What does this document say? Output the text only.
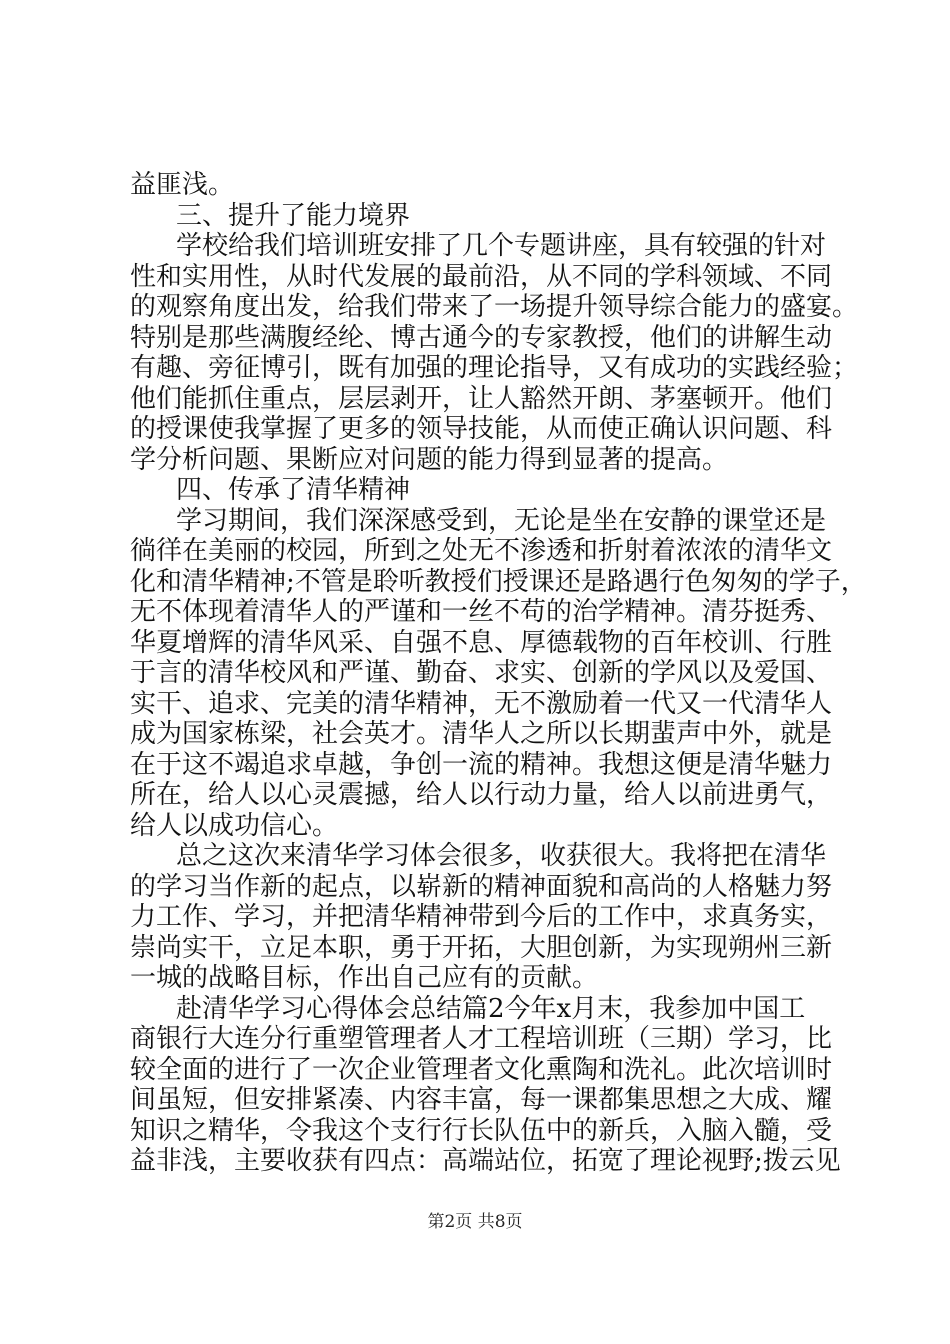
益匪浅。
三、提升了能力境界
学校给我们培训班安排了几个专题讲座，具有较强的针对
性和实用性，从时代发展的最前沿，从不同的学科领域、不同
的观察角度出发，给我们带来了一场提升领导综合能力的盛宴。
特别是那些满腹经纶、博古通今的专家教授，他们的讲解生动
有趣、旁征博引，既有加强的理论指导，又有成功的实践经验；
他们能抓住重点，层层剥开，让人豁然开朗、茅塞顿开。他们
的授课使我掌握了更多的领导技能，从而使正确认识问题、科
学分析问题、果断应对问题的能力得到显著的提高。
四、传承了清华精神
学习期间，我们深深感受到，无论是坐在安静的课堂还是
徜徉在美丽的校园，所到之处无不渗透和折射着浓浓的清华文
化和清华精神;不管是聆听教授们授课还是路遇行色匆匆的学子，
无不体现着清华人的严谨和一丝不苟的治学精神。清芬挺秀、
华夏增辉的清华风采、自强不息、厚德载物的百年校训、行胜
于言的清华校风和严谨、勤奋、求实、创新的学风以及爱国、
实干、追求、完美的清华精神，无不激励着一代又一代清华人
成为国家栋梁，社会英才。清华人之所以长期蜚声中外，就是
在于这不竭追求卓越，争创一流的精神。我想这便是清华魅力
所在，给人以心灵震撼，给人以行动力量，给人以前进勇气，
给人以成功信心。
总之这次来清华学习体会很多，收获很大。我将把在清华
的学习当作新的起点，以崭新的精神面貌和高尚的人格魅力努
力工作、学习，并把清华精神带到今后的工作中，求真务实，
崇尚实干，立足本职，勇于开拓，大胆创新，为实现朔州三新
一城的战略目标，作出自己应有的贡献。
赴清华学习心得体会总结篇2今年x月末，我参加中国工
商银行大连分行重塑管理者人才工程培训班（三期）学习，比
较全面的进行了一次企业管理者文化熏陶和洗礼。此次培训时
间虽短，但安排紧凑、内容丰富，每一课都集思想之大成、耀
知识之精华，令我这个支行行长队伍中的新兵，入脑入髓，受
益非浅，主要收获有四点：高端站位，拓宽了理论视野;拨云见
第2页 共8页
